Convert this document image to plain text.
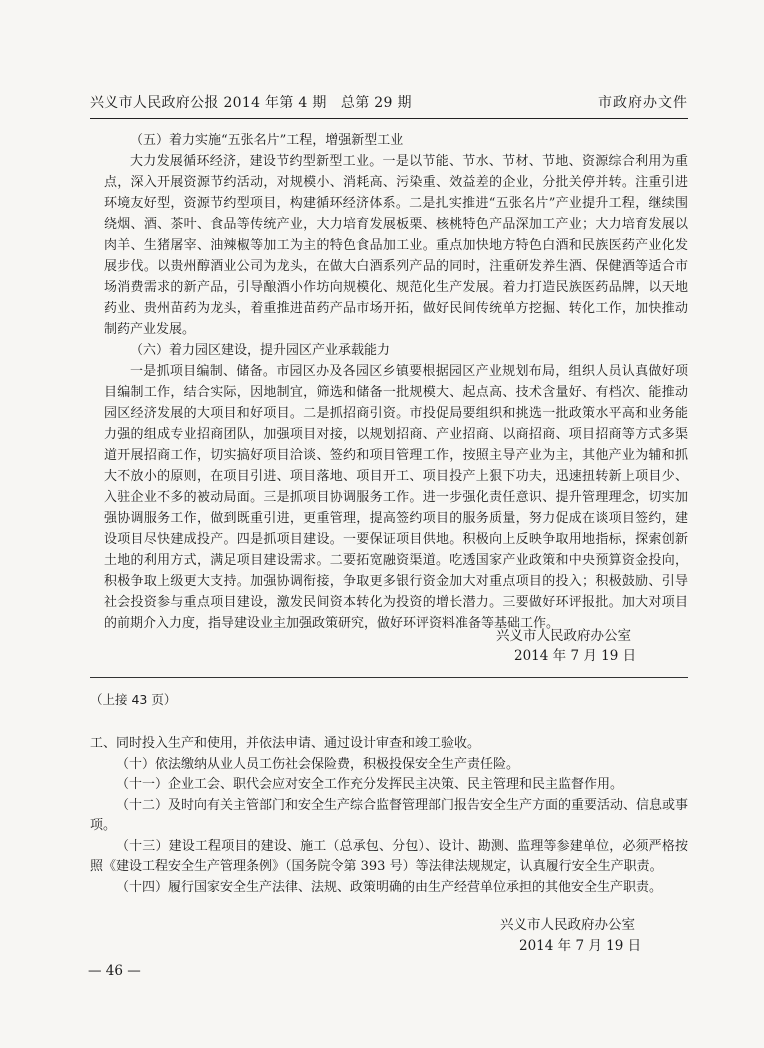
兴义市人民政府公报 2014 年第 4 期　总第 29 期	市政府办文件

（五）着力实施“五张名片”工程，增强新型工业

大力发展循环经济，建设节约型新型工业。一是以节能、节水、节材、节地、资源综合利用为重点，深入开展资源节约活动，对规模小、消耗高、污染重、效益差的企业，分批关停并转。注重引进环境友好型，资源节约型项目，构建循环经济体系。二是扎实推进“五张名片”产业提升工程，继续围绕烟、酒、茶叶、食品等传统产业，大力培育发展板栗、核桃特色产品深加工产业；大力培育发展以肉羊、生猪屠宰、油辣椒等加工为主的特色食品加工业。重点加快地方特色白酒和民族医药产业化发展步伐。以贵州醇酒业公司为龙头，在做大白酒系列产品的同时，注重研发养生酒、保健酒等适合市场消费需求的新产品，引导酿酒小作坊向规模化、规范化生产发展。着力打造民族医药品牌，以天地药业、贵州苗药为龙头，着重推进苗药产品市场开拓，做好民间传统单方挖掘、转化工作，加快推动制药产业发展。

（六）着力园区建设，提升园区产业承载能力

一是抓项目编制、储备。市园区办及各园区乡镇要根据园区产业规划布局，组织人员认真做好项目编制工作，结合实际，因地制宜，筛选和储备一批规模大、起点高、技术含量好、有档次、能推动园区经济发展的大项目和好项目。二是抓招商引资。市投促局要组织和挑选一批政策水平高和业务能力强的组成专业招商团队，加强项目对接，以规划招商、产业招商、以商招商、项目招商等方式多渠道开展招商工作，切实搞好项目洽谈、签约和项目管理工作，按照主导产业为主，其他产业为辅和抓大不放小的原则，在项目引进、项目落地、项目开工、项目投产上狠下功夫，迅速扭转新上项目少、入驻企业不多的被动局面。三是抓项目协调服务工作。进一步强化责任意识、提升管理理念，切实加强协调服务工作，做到既重引进，更重管理，提高签约项目的服务质量，努力促成在谈项目签约，建设项目尽快建成投产。四是抓项目建设。一要保证项目供地。积极向上反映争取用地指标，探索创新土地的利用方式，满足项目建设需求。二要拓宽融资渠道。吃透国家产业政策和中央预算资金投向，积极争取上级更大支持。加强协调衔接，争取更多银行资金加大对重点项目的投入；积极鼓励、引导社会投资参与重点项目建设，激发民间资本转化为投资的增长潜力。三要做好环评报批。加大对项目的前期介入力度，指导建设业主加强政策研究，做好环评资料准备等基础工作。

兴义市人民政府办公室
2014 年 7 月 19 日
（上接 43 页）

工、同时投入生产和使用，并依法申请、通过设计审查和竣工验收。

（十）依法缴纳从业人员工伤社会保险费，积极投保安全生产责任险。

（十一）企业工会、职代会应对安全工作充分发挥民主决策、民主管理和民主监督作用。

（十二）及时向有关主管部门和安全生产综合监督管理部门报告安全生产方面的重要活动、信息或事项。

（十三）建设工程项目的建设、施工（总承包、分包）、设计、勘测、监理等参建单位，必须严格按照《建设工程安全生产管理条例》（国务院令第 393 号）等法律法规规定，认真履行安全生产职责。

（十四）履行国家安全生产法律、法规、政策明确的由生产经营单位承担的其他安全生产职责。

兴义市人民政府办公室
2014 年 7 月 19 日
— 46 —
